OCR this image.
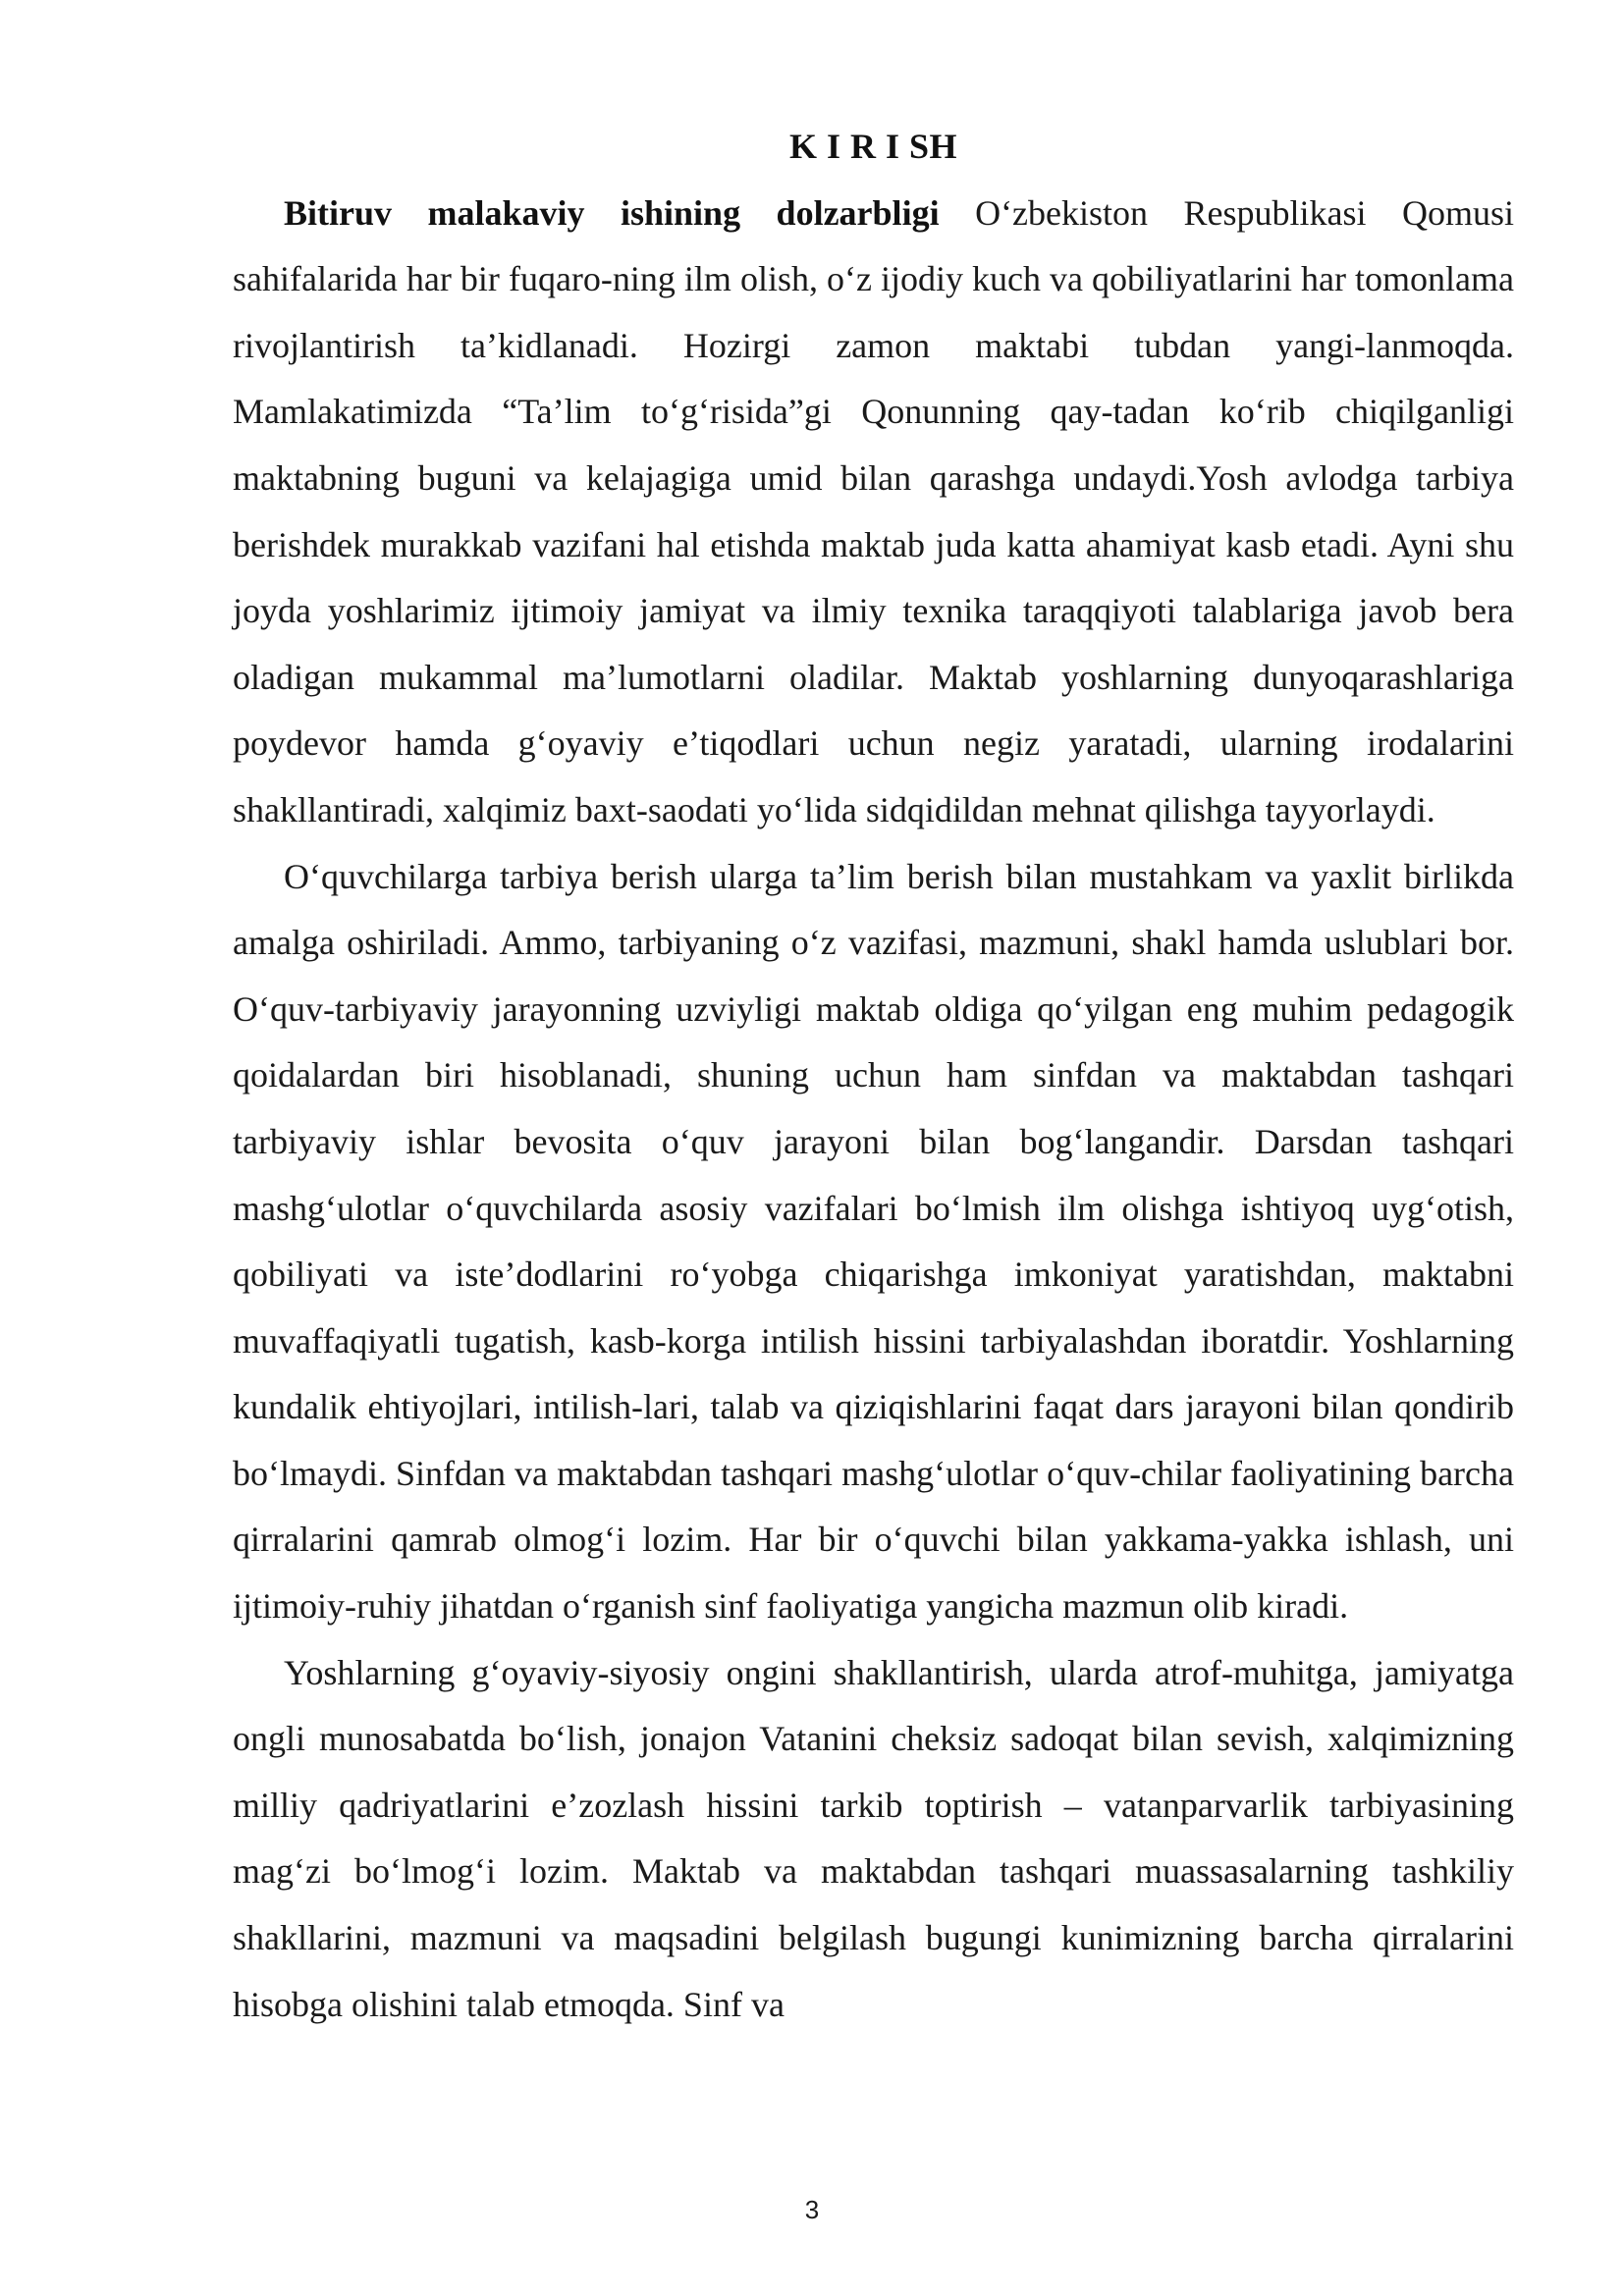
K I R I SH

Bitiruv malakaviy ishining dolzarbligi O‘zbekiston Respublikasi Qomusi sahifalarida har bir fuqaro-ning ilm olish, o‘z ijodiy kuch va qobiliyatlarini har tomonlama rivojlantirish ta’kidlanadi. Hozirgi zamon maktabi tubdan yangi-lanmoqda. Mamlakatimizda “Ta’lim to‘g‘risida”gi Qonunning qay-tadan ko‘rib chiqilganligi maktabning buguni va kelajagiga umid bilan qarashga undaydi.Yosh avlodga tarbiya berishdek murakkab vazifani hal etishda maktab juda katta ahamiyat kasb etadi. Ayni shu joyda yoshlarimiz ijtimoiy jamiyat va ilmiy texnika taraqqiyoti talablariga javob bera oladigan mukammal ma’lumotlarni oladilar. Maktab yoshlarning dunyoqarashlariga poydevor hamda g‘oyaviy e’tiqodlari uchun negiz yaratadi, ularning irodalarini shakllantiradi, xalqimiz baxt-saodati yo‘lida sidqidildan mehnat qilishga tayyorlaydi.

O‘quvchilarga tarbiya berish ularga ta’lim berish bilan mustahkam va yaxlit birlikda amalga oshiriladi. Ammo, tarbiyaning o‘z vazifasi, mazmuni, shakl hamda uslublari bor. O‘quv-tarbiyaviy jarayonning uzviyligi maktab oldiga qo‘yilgan eng muhim pedagogik qoidalardan biri hisoblanadi, shuning uchun ham sinfdan va maktabdan tashqari tarbiyaviy ishlar bevosita o‘quv jarayoni bilan bog‘langandir. Darsdan tashqari mashg‘ulotlar o‘quvchilarda asosiy vazifalari bo‘lmish ilm olishga ishtiyoq uyg‘otish, qobiliyati va iste’dodlarini ro‘yobga chiqarishga imkoniyat yaratishdan, maktabni muvaffaqiyatli tugatish, kasb-korga intilish hissini tarbiyalashdan iboratdir. Yoshlarning kundalik ehtiyojlari, intilish-lari, talab va qiziqishlarini faqat dars jarayoni bilan qondirib bo‘lmaydi. Sinfdan va maktabdan tashqari mashg‘ulotlar o‘quv-chilar faoliyatining barcha qirralarini qamrab olmog‘i lozim. Har bir o‘quvchi bilan yakkama-yakka ishlash, uni ijtimoiy-ruhiy jihatdan o‘rganish sinf faoliyatiga yangicha mazmun olib kiradi.

Yoshlarning g‘oyaviy-siyosiy ongini shakllantirish, ularda atrof-muhitga, jamiyatga ongli munosabatda bo‘lish, jonajon Vatanini cheksiz sadoqat bilan sevish, xalqimizning milliy qadriyatlarini e’zozlash hissini tarkib toptirish – vatanparvarlik tarbiyasining mag‘zi bo‘lmog‘i lozim. Maktab va maktabdan tashqari muassasalarning tashkiliy shakllarini, mazmuni va maqsadini belgilash bugungi kunimizning barcha qirralarini hisobga olishini talab etmoqda. Sinf va

3
